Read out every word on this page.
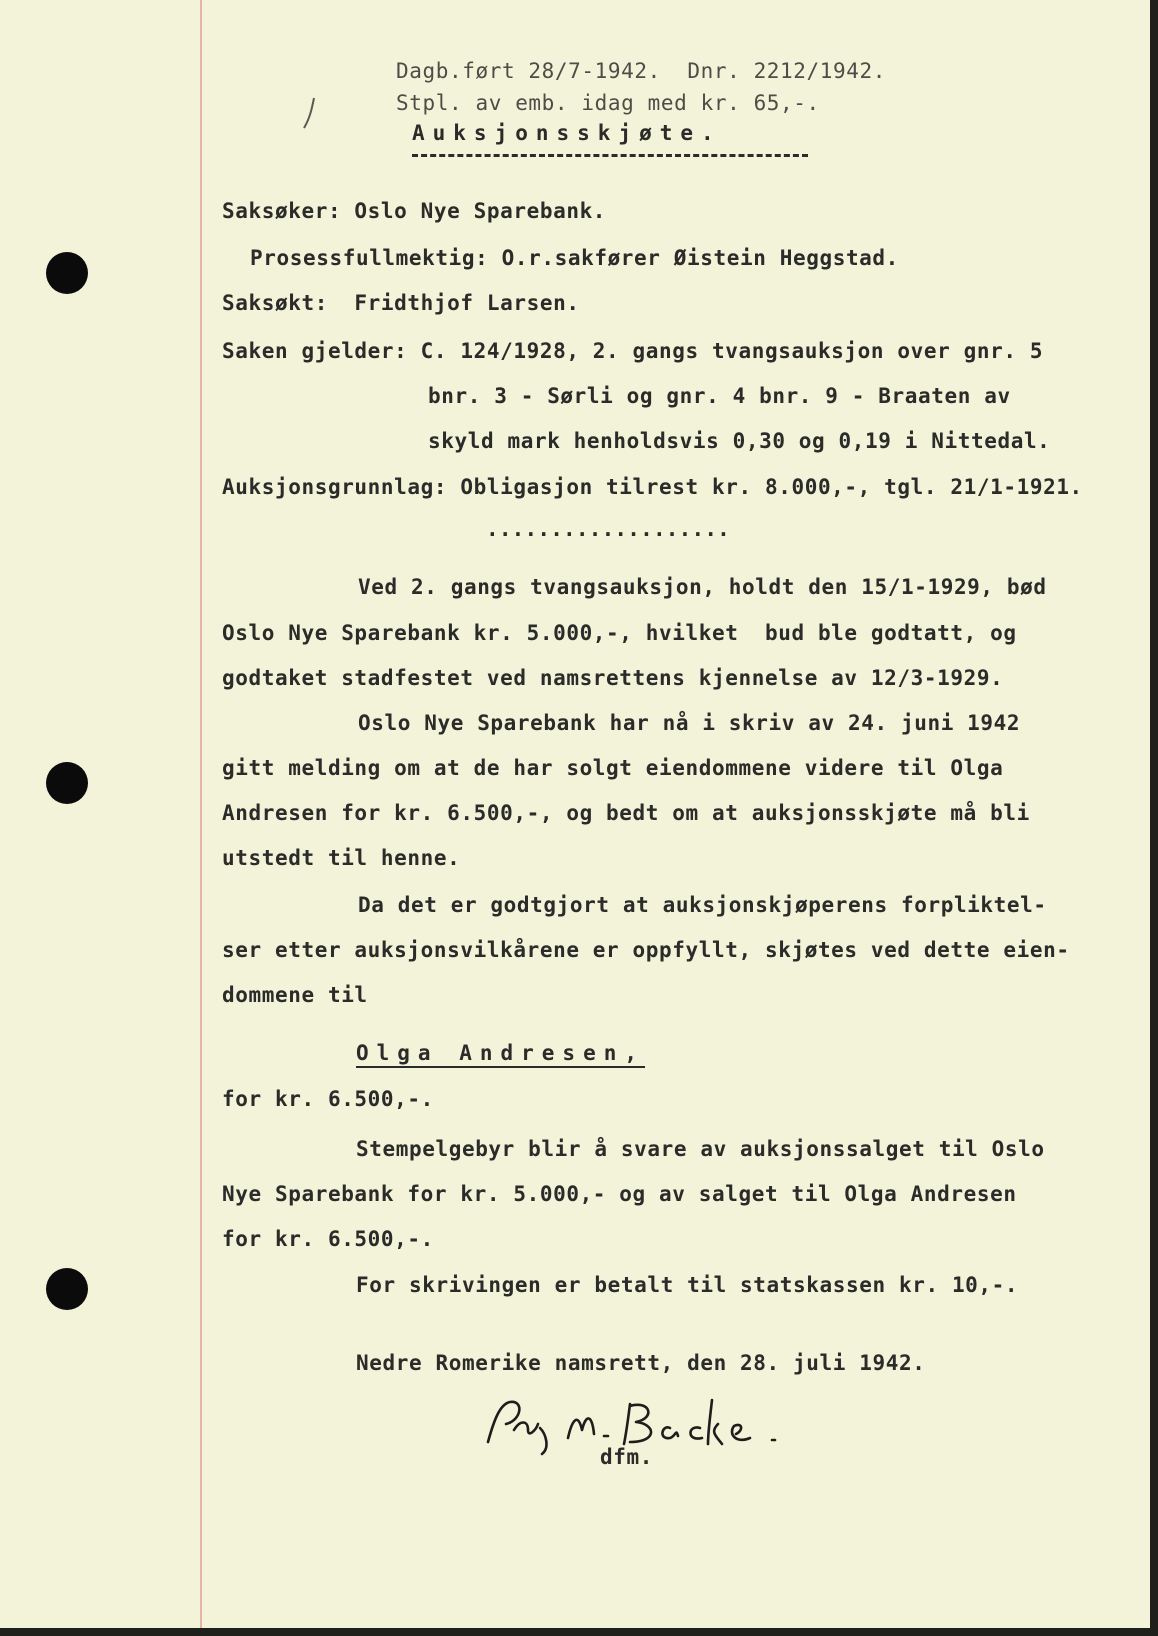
Dagb.ført 28/7-1942.  Dnr. 2212/1942.
Stpl. av emb. idag med kr. 65,-.
Auksjonsskjøte.
Saksøker: Oslo Nye Sparebank.
Prosessfullmektig: O.r.sakfører Øistein Heggstad.
Saksøkt:  Fridthjof Larsen.
Saken gjelder: C. 124/1928, 2. gangs tvangsauksjon over gnr. 5
bnr. 3 - Sørli og gnr. 4 bnr. 9 - Braaten av
skyld mark henholdsvis 0,30 og 0,19 i Nittedal.
Auksjonsgrunnlag: Obligasjon tilrest kr. 8.000,-, tgl. 21/1-1921.
...................
Ved 2. gangs tvangsauksjon, holdt den 15/1-1929, bød
Oslo Nye Sparebank kr. 5.000,-, hvilket  bud ble godtatt, og
godtaket stadfestet ved namsrettens kjennelse av 12/3-1929.
Oslo Nye Sparebank har nå i skriv av 24. juni 1942
gitt melding om at de har solgt eiendommene videre til Olga
Andresen for kr. 6.500,-, og bedt om at auksjonsskjøte må bli
utstedt til henne.
Da det er godtgjort at auksjonskjøperens forpliktel-
ser etter auksjonsvilkårene er oppfyllt, skjøtes ved dette eien-
dommene til
Olga Andresen,
for kr. 6.500,-.
Stempelgebyr blir å svare av auksjonssalget til Oslo
Nye Sparebank for kr. 5.000,- og av salget til Olga Andresen
for kr. 6.500,-.
For skrivingen er betalt til statskassen kr. 10,-.
Nedre Romerike namsrett, den 28. juli 1942.
dfm.
